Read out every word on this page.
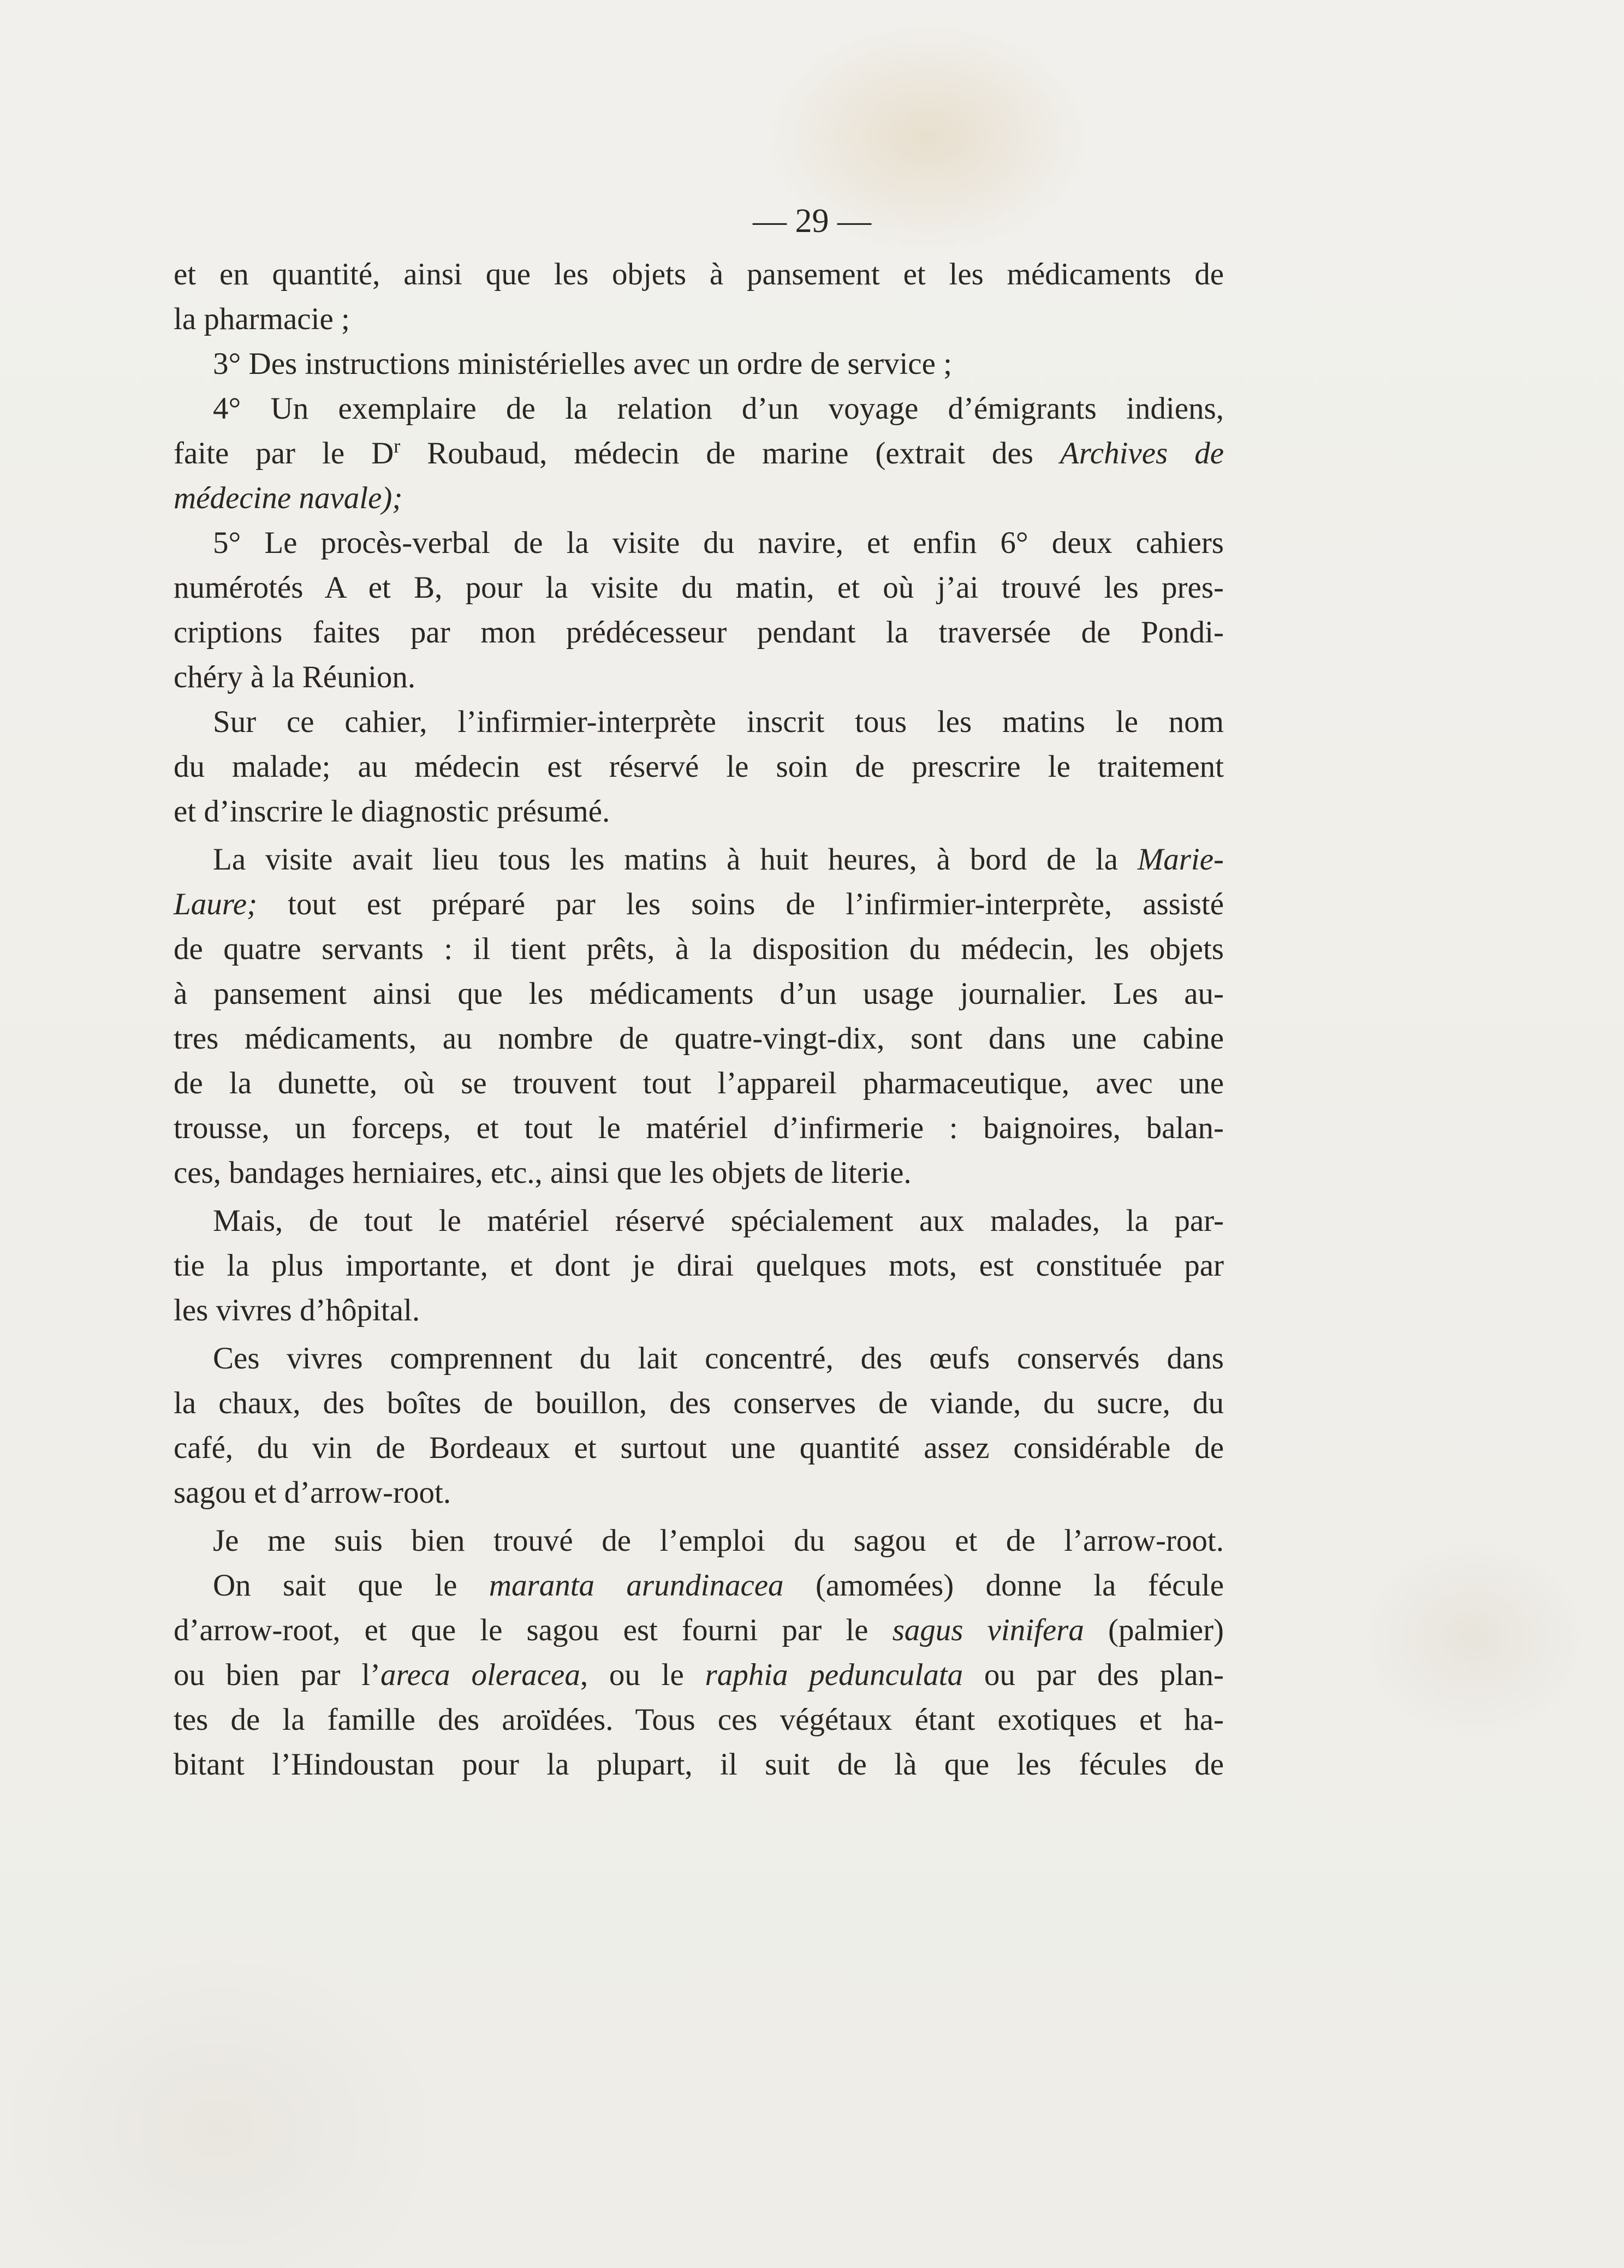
— 29 —

et en quantité, ainsi que les objets à pansement et les médicaments de

la pharmacie ;

3° Des instructions ministérielles avec un ordre de service ;

4° Un exemplaire de la relation d’un voyage d’émigrants indiens,

faite par le $D^r$ Roubaud, médecin de marine (extrait des Archives de

médecine navale);

5° Le procès-verbal de la visite du navire, et enfin 6° deux cahiers

numérotés A et B, pour la visite du matin, et où j’ai trouvé les pres-

criptions faites par mon prédécesseur pendant la traversée de Pondi-

chéry à la Réunion.

Sur ce cahier, l’infirmier-interprète inscrit tous les matins le nom

du malade; au médecin est réservé le soin de prescrire le traitement

et d’inscrire le diagnostic présumé.

La visite avait lieu tous les matins à huit heures, à bord de la Marie-

Laure; tout est préparé par les soins de l’infirmier-interprète, assisté

de quatre servants : il tient prêts, à la disposition du médecin, les objets

à pansement ainsi que les médicaments d’un usage journalier. Les au-

tres médicaments, au nombre de quatre-vingt-dix, sont dans une cabine

de la dunette, où se trouvent tout l’appareil pharmaceutique, avec une

trousse, un forceps, et tout le matériel d’infirmerie : baignoires, balan-

ces, bandages herniaires, etc., ainsi que les objets de literie.

Mais, de tout le matériel réservé spécialement aux malades, la par-

tie la plus importante, et dont je dirai quelques mots, est constituée par

les vivres d’hôpital.

Ces vivres comprennent du lait concentré, des œufs conservés dans

la chaux, des boîtes de bouillon, des conserves de viande, du sucre, du

café, du vin de Bordeaux et surtout une quantité assez considérable de

sagou et d’arrow-root.

Je me suis bien trouvé de l’emploi du sagou et de l’arrow-root.

On sait que le maranta arundinacea (amomées) donne la fécule

d’arrow-root, et que le sagou est fourni par le sagus vinifera (palmier)

ou bien par l’areca oleracea, ou le raphia pedunculata ou par des plan-

tes de la famille des aroïdées. Tous ces végétaux étant exotiques et ha-

bitant l’Hindoustan pour la plupart, il suit de là que les fécules de
